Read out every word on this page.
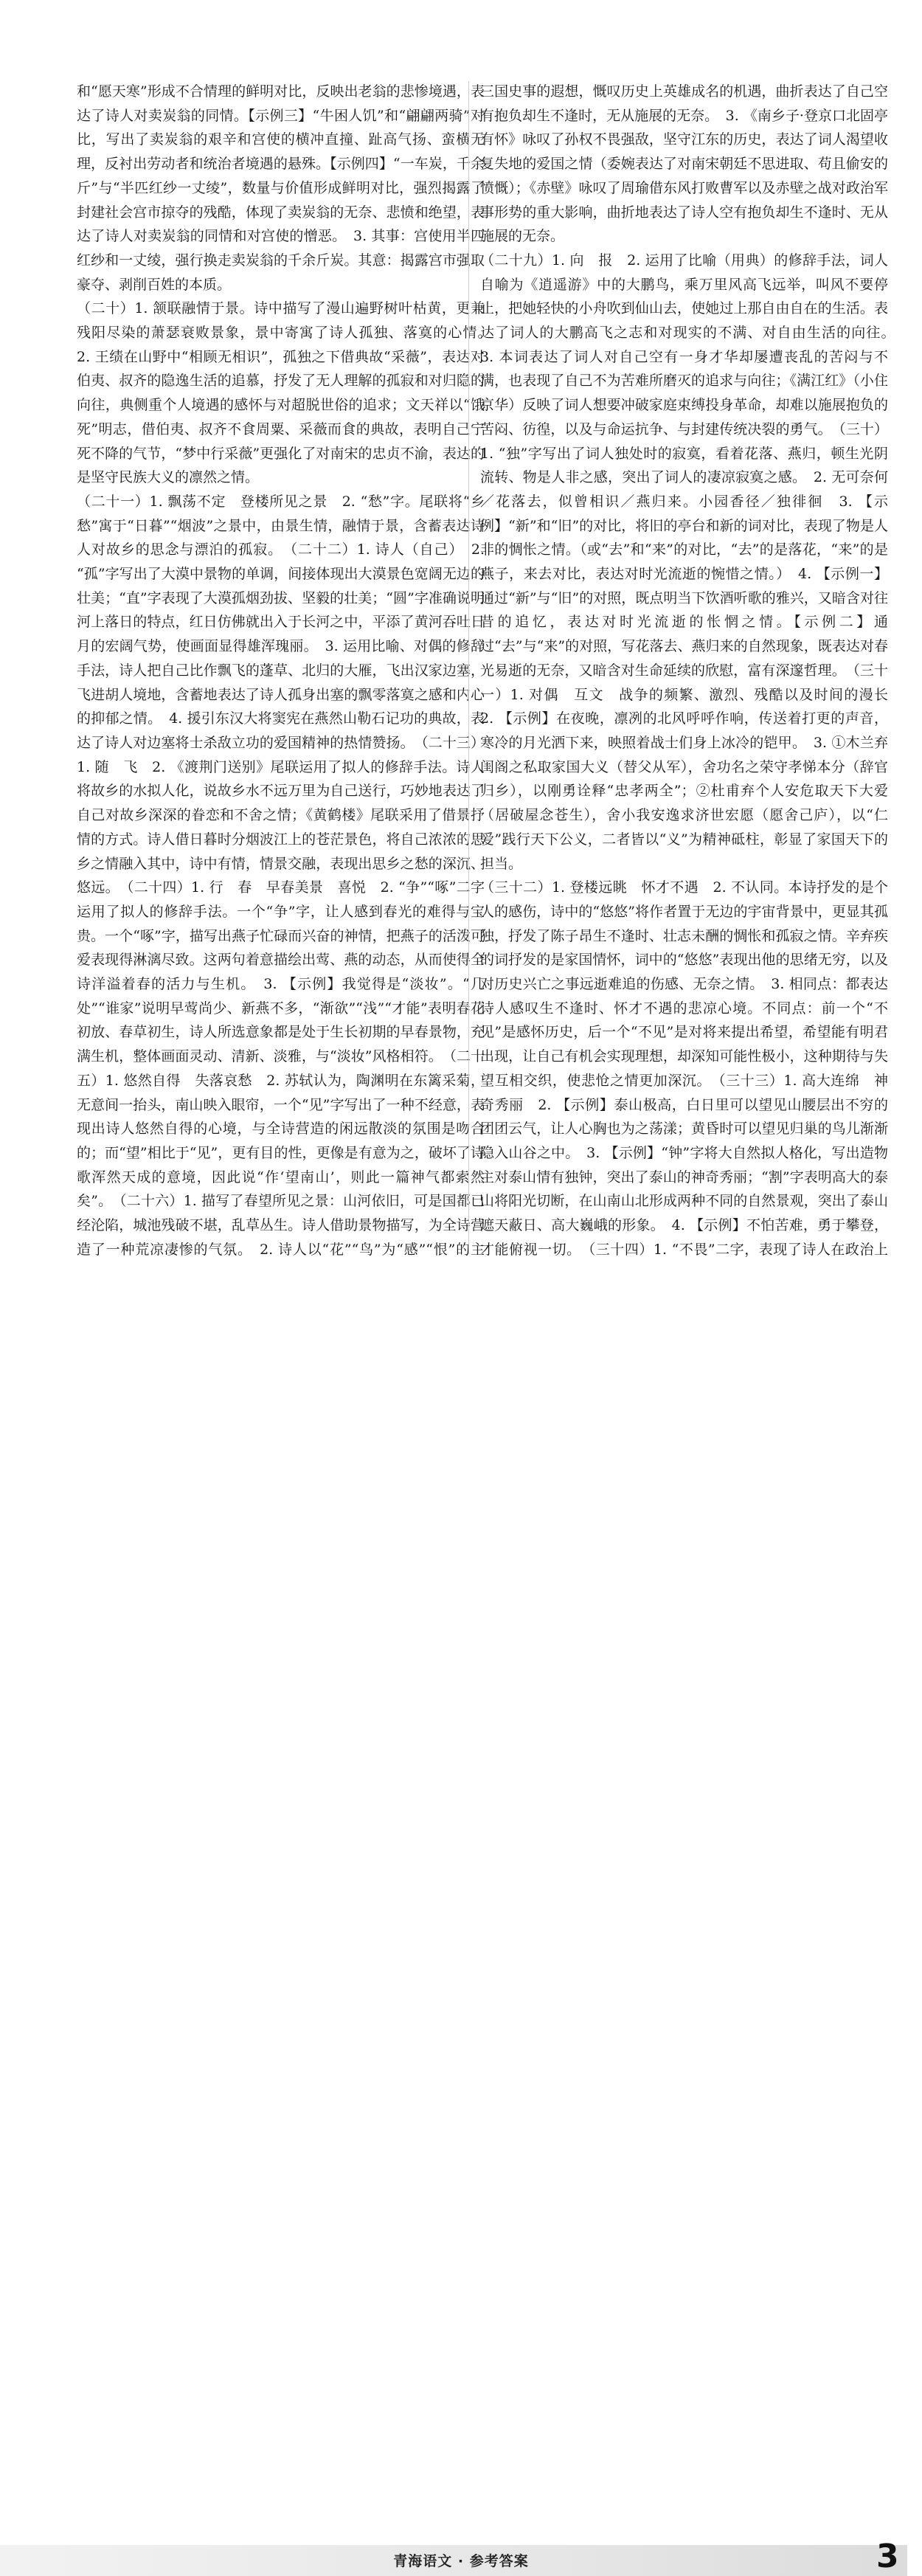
和“愿天寒”形成不合情理的鲜明对比，反映出老翁的悲惨境遇，表达了诗人对卖炭翁的同情。【示例三】“牛困人饥”和“翩翩两骑”对比，写出了卖炭翁的艰辛和宫使的横冲直撞、趾高气扬、蛮横无理，反衬出劳动者和统治者境遇的悬殊。【示例四】“一车炭，千余斤”与“半匹红纱一丈绫”，数量与价值形成鲜明对比，强烈揭露了封建社会宫市掠夺的残酷，体现了卖炭翁的无奈、悲愤和绝望，表达了诗人对卖炭翁的同情和对宫使的憎恶。　3. 其事：宫使用半匹红纱和一丈绫，强行换走卖炭翁的千余斤炭。其意：揭露宫市强取豪夺、剥削百姓的本质。

（二十）1. 颔联融情于景。诗中描写了漫山遍野树叶枯黄，更兼残阳尽染的萧瑟衰败景象，景中寄寓了诗人孤独、落寞的心情。　2. 王绩在山野中“相顾无相识”，孤独之下借典故“采薇”，表达对伯夷、叔齐的隐逸生活的追慕，抒发了无人理解的孤寂和对归隐的向往，典侧重个人境遇的感怀与对超脱世俗的追求；文天祥以“饿死”明志，借伯夷、叔齐不食周粟、采薇而食的典故，表明自己宁死不降的气节，“梦中行采薇”更强化了对南宋的忠贞不渝，表达的是坚守民族大义的凛然之情。

（二十一）1. 飘荡不定　登楼所见之景　2. “愁”字。尾联将“乡愁”寓于“日暮”“烟波”之景中，由景生情，融情于景，含蓄表达诗人对故乡的思念与漂泊的孤寂。　（二十二）1. 诗人（自己）　2. “孤”字写出了大漠中景物的单调，间接体现出大漠景色宽阔无边的壮美；“直”字表现了大漠孤烟劲拔、坚毅的壮美；“圆”字准确说明河上落日的特点，红日仿佛就出入于长河之中，平添了黄河吞吐日月的宏阔气势，使画面显得雄浑瑰丽。　3. 运用比喻、对偶的修辞手法，诗人把自己比作飘飞的蓬草、北归的大雁，飞出汉家边塞，飞进胡人境地，含蓄地表达了诗人孤身出塞的飘零落寞之感和内心的抑郁之情。　4. 援引东汉大将窦宪在燕然山勒石记功的典故，表达了诗人对边塞将士杀敌立功的爱国精神的热情赞扬。　（二十三）1. 随　飞　2. 《渡荆门送别》尾联运用了拟人的修辞手法。诗人将故乡的水拟人化，说故乡水不远万里为自己送行，巧妙地表达了自己对故乡深深的眷恋和不舍之情；《黄鹤楼》尾联采用了借景抒情的方式。诗人借日暮时分烟波江上的苍茫景色，将自己浓浓的思乡之情融入其中，诗中有情，情景交融，表现出思乡之愁的深沉、悠远。　（二十四）1. 行　春　早春美景　喜悦　2. “争”“啄”二字运用了拟人的修辞手法。一个“争”字，让人感到春光的难得与宝贵。一个“啄”字，描写出燕子忙碌而兴奋的神情，把燕子的活泼可爱表现得淋漓尽致。这两句着意描绘出莺、燕的动态，从而使得全诗洋溢着春的活力与生机。　3. 【示例】我觉得是“淡妆”。“几处”“谁家”说明早莺尚少、新燕不多，“渐欲”“浅”“才能”表明春花初放、春草初生，诗人所选意象都是处于生长初期的早春景物，充满生机，整体画面灵动、清新、淡雅，与“淡妆”风格相符。　（二十五）1. 悠然自得　失落哀愁　2. 苏轼认为，陶渊明在东篱采菊，无意间一抬头，南山映入眼帘，一个“见”字写出了一种不经意，表现出诗人悠然自得的心境，与全诗营造的闲远散淡的氛围是吻合的；而“望”相比于“见”，更有目的性，更像是有意为之，破坏了诗歌浑然天成的意境，因此说“作‘望南山’，则此一篇神气都索然矣”。　（二十六）1. 描写了春望所见之景：山河依旧，可是国都已经沦陷，城池残破不堪，乱草丛生。诗人借助景物描写，为全诗营造了一种荒凉凄惨的气氛。　2. 诗人以“花”“鸟”为“感”“恨”的主　 　

三国史事的遐想，慨叹历史上英雄成名的机遇，曲折表达了自己空有抱负却生不逢时，无从施展的无奈。　3. 《南乡子·登京口北固亭有怀》咏叹了孙权不畏强敌，坚守江东的历史，表达了词人渴望收复失地的爱国之情（委婉表达了对南宋朝廷不思进取、苟且偷安的愤慨）；《赤壁》咏叹了周瑜借东风打败曹军以及赤壁之战对政治军事形势的重大影响，曲折地表达了诗人空有抱负却生不逢时、无从施展的无奈。

（二十九）1. 向　报　2. 运用了比喻（用典）的修辞手法，词人自喻为《逍遥游》中的大鹏鸟，乘万里风高飞远举，叫风不要停止，把她轻快的小舟吹到仙山去，使她过上那自由自在的生活。表达了词人的大鹏高飞之志和对现实的不满、对自由生活的向往。　3. 本词表达了词人对自己空有一身才华却屡遭丧乱的苦闷与不满，也表现了自己不为苦难所磨灭的追求与向往；《满江红》（小住京华）反映了词人想要冲破家庭束缚投身革命，却难以施展抱负的苦闷、彷徨，以及与命运抗争、与封建传统决裂的勇气。　（三十）1. “独”字写出了词人独处时的寂寞，看着花落、燕归，顿生光阴流转、物是人非之感，突出了词人的凄凉寂寞之感。　2. 无可奈何／花落去，似曾相识／燕归来。小园香径／独徘徊　3. 【示例】“新”和“旧”的对比，将旧的亭台和新的词对比，表现了物是人非的惆怅之情。（或“去”和“来”的对比，“去”的是落花，“来”的是燕子，来去对比，表达对时光流逝的惋惜之情。）　4. 【示例一】通过“新”与“旧”的对照，既点明当下饮酒听歌的雅兴，又暗含对往昔的追忆，表达对时光流逝的怅惘之情。【示例二】通过“去”与“来”的对照，写花落去、燕归来的自然现象，既表达对春光易逝的无奈，又暗含对生命延续的欣慰，富有深邃哲理。　（三十一）1. 对偶　互文　战争的频繁、激烈、残酷以及时间的漫长　2. 【示例】在夜晚，凛冽的北风呼呼作响，传送着打更的声音，寒冷的月光洒下来，映照着战士们身上冰冷的铠甲。　3. ①木兰弃闺阁之私取家国大义（替父从军），舍功名之荣守孝悌本分（辞官归乡），以刚勇诠释“忠孝两全”；②杜甫弃个人安危取天下大爱（居破屋念苍生），舍小我安逸求济世宏愿（愿舍己庐），以“仁爱”践行天下公义，二者皆以“义”为精神砥柱，彰显了家国天下的担当。

（三十二）1. 登楼远眺　怀才不遇　2. 不认同。本诗抒发的是个人的感伤，诗中的“悠悠”将作者置于无边的宇宙背景中，更显其孤独，抒发了陈子昂生不逢时、壮志未酬的惆怅和孤寂之情。辛弃疾的词抒发的是家国情怀，词中的“悠悠”表现出他的思绪无穷，以及对历史兴亡之事远逝难追的伤感、无奈之情。　3. 相同点：都表达诗人感叹生不逢时、怀才不遇的悲凉心境。不同点：前一个“不见”是感怀历史，后一个“不见”是对将来提出希望，希望能有明君出现，让自己有机会实现理想，却深知可能性极小，这种期待与失望互相交织，使悲怆之情更加深沉。　（三十三）1. 高大连绵　神奇秀丽　2. 【示例】泰山极高，白日里可以望见山腰层出不穷的团团云气，让人心胸也为之荡漾；黄昏时可以望见归巢的鸟儿渐渐隐入山谷之中。　3. 【示例】“钟”字将大自然拟人格化，写出造物主对泰山情有独钟，突出了泰山的神奇秀丽；“割”字表明高大的泰山将阳光切断，在山南山北形成两种不同的自然景观，突出了泰山遮天蔽日、高大巍峨的形象。　4. 【示例】不怕苦难，勇于攀登，才能俯视一切。　（三十四）1. “不畏”二字，表现了诗人在政治上　 　 　 　　 　 　 　　 　

青海语文 · 参考答案	3
